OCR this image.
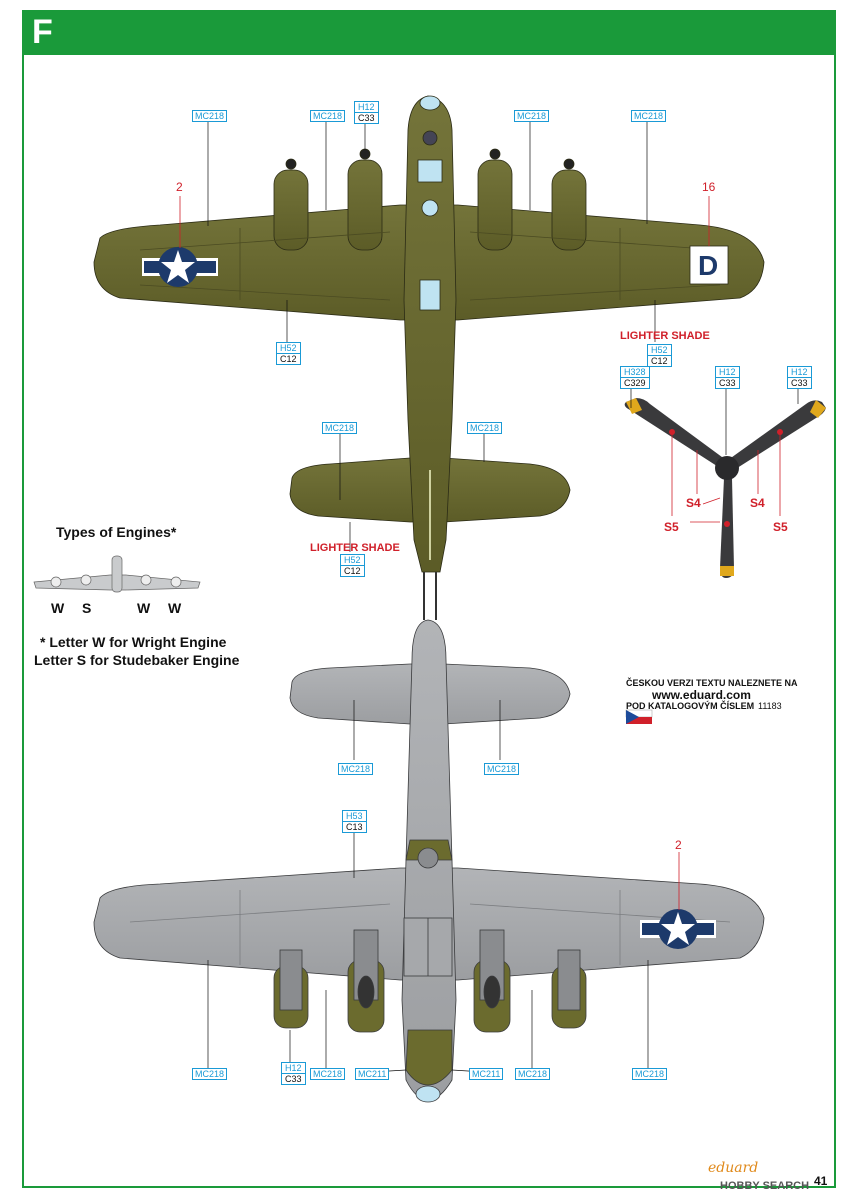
F
MC218	MC218
H12
C33	MC218	MC218
2	16
D
H52
C12
LIGHTER SHADE
H52
C12
MC218	MC218
LIGHTER SHADE
H52
C12
H328
C329
H12
C33
H12
C33
S4	S4
S5	S5
Types of Engines*
W S	W W
* Letter W for Wright Engine
Letter S for Studebaker Engine
ČESKOU VERZI TEXTU NALEZNETE NA
www.eduard.com
POD KATALOGOVÝM ČÍSLEM 11183
MC218	MC218
H53
C13
2
MC218
H12
C33	MC218	MC211	MC211	MC218	MC218
eduard
41
HOBBY SEARCH
